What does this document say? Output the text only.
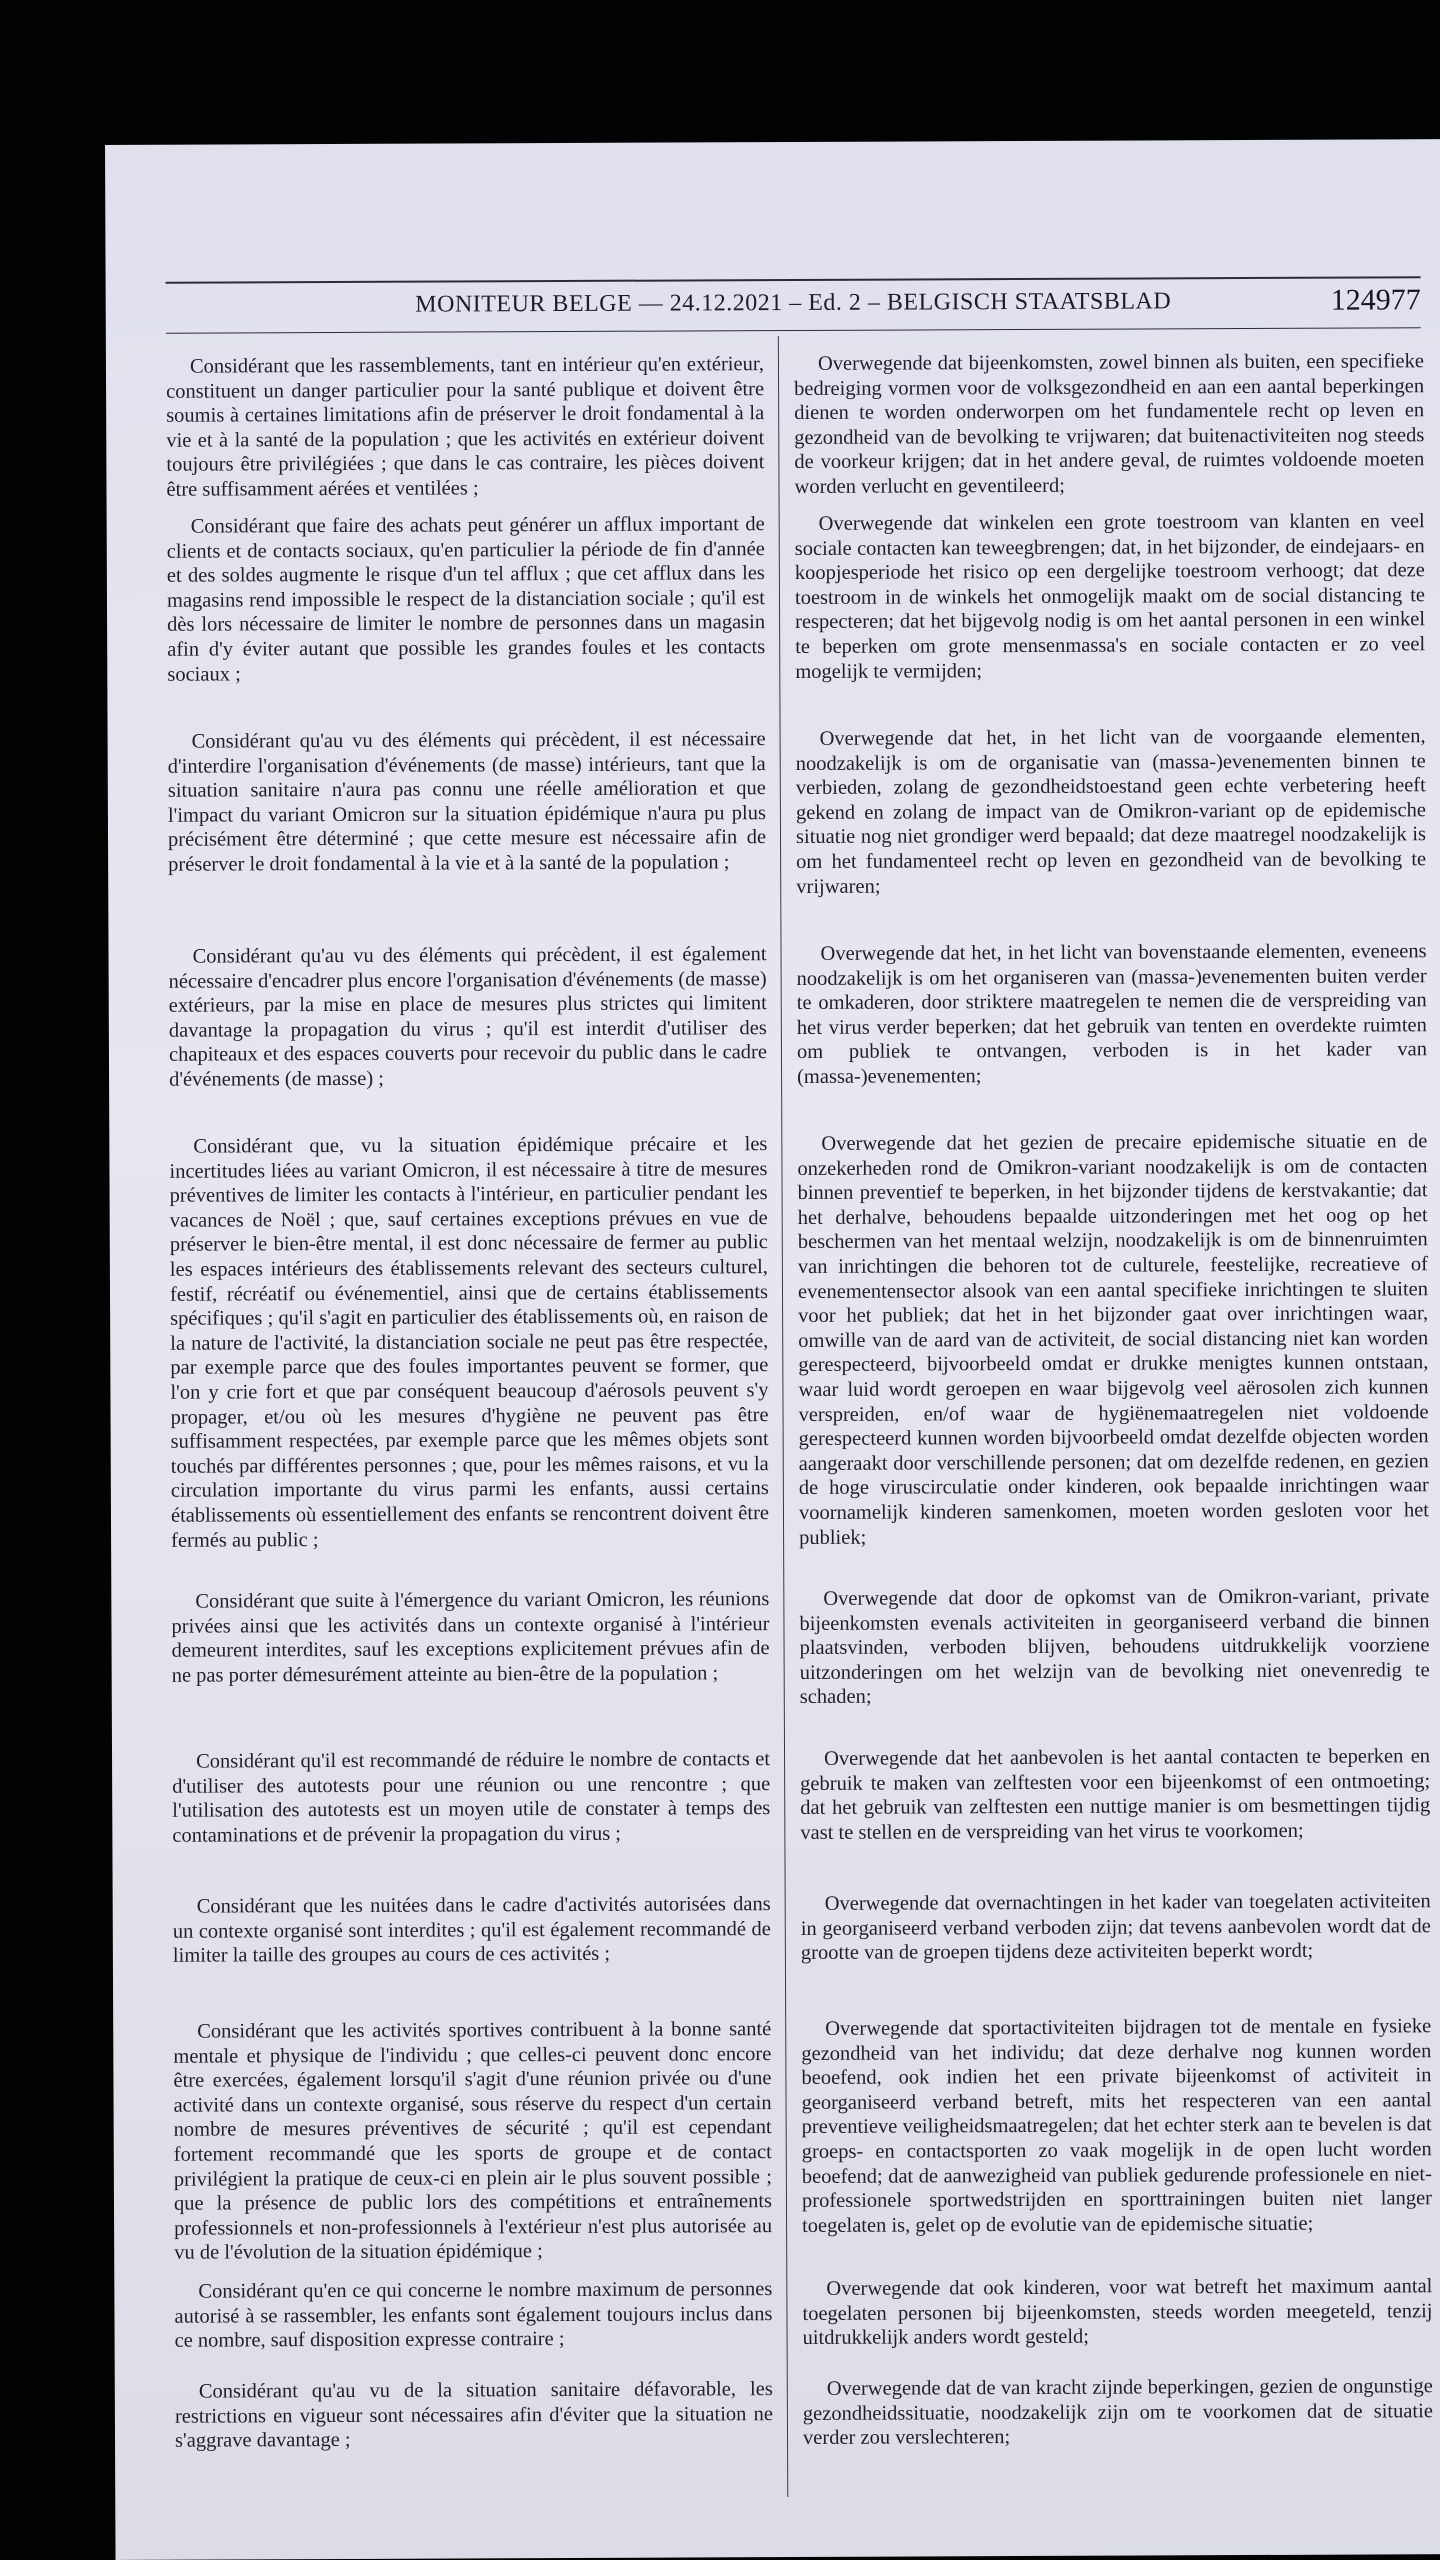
MONITEUR BELGE — 24.12.2021 – Ed. 2 – BELGISCH STAATSBLAD	124977

Considérant que les rassemblements, tant en intérieur qu'en extérieur, constituent un danger particulier pour la santé publique et doivent être soumis à certaines limitations afin de préserver le droit fondamental à la vie et à la santé de la population ; que les activités en extérieur doivent toujours être privilégiées ; que dans le cas contraire, les pièces doivent être suffisamment aérées et ventilées ;

Considérant que faire des achats peut générer un afflux important de clients et de contacts sociaux, qu'en particulier la période de fin d'année et des soldes augmente le risque d'un tel afflux ; que cet afflux dans les magasins rend impossible le respect de la distanciation sociale ; qu'il est dès lors nécessaire de limiter le nombre de personnes dans un magasin afin d'y éviter autant que possible les grandes foules et les contacts sociaux ;

Considérant qu'au vu des éléments qui précèdent, il est nécessaire d'interdire l'organisation d'événements (de masse) intérieurs, tant que la situation sanitaire n'aura pas connu une réelle amélioration et que l'impact du variant Omicron sur la situation épidémique n'aura pu plus précisément être déterminé ; que cette mesure est nécessaire afin de préserver le droit fondamental à la vie et à la santé de la population ;

Considérant qu'au vu des éléments qui précèdent, il est également nécessaire d'encadrer plus encore l'organisation d'événements (de masse) extérieurs, par la mise en place de mesures plus strictes qui limitent davantage la propagation du virus ; qu'il est interdit d'utiliser des chapiteaux et des espaces couverts pour recevoir du public dans le cadre d'événements (de masse) ;

Considérant que, vu la situation épidémique précaire et les incertitudes liées au variant Omicron, il est nécessaire à titre de mesures préventives de limiter les contacts à l'intérieur, en particulier pendant les vacances de Noël ; que, sauf certaines exceptions prévues en vue de préserver le bien-être mental, il est donc nécessaire de fermer au public les espaces intérieurs des établissements relevant des secteurs culturel, festif, récréatif ou événementiel, ainsi que de certains établissements spécifiques ; qu'il s'agit en particulier des établissements où, en raison de la nature de l'activité, la distanciation sociale ne peut pas être respectée, par exemple parce que des foules importantes peuvent se former, que l'on y crie fort et que par conséquent beaucoup d'aérosols peuvent s'y propager, et/ou où les mesures d'hygiène ne peuvent pas être suffisamment respectées, par exemple parce que les mêmes objets sont touchés par différentes personnes ; que, pour les mêmes raisons, et vu la circulation importante du virus parmi les enfants, aussi certains établissements où essentiellement des enfants se rencontrent doivent être fermés au public ;

Considérant que suite à l'émergence du variant Omicron, les réunions privées ainsi que les activités dans un contexte organisé à l'intérieur demeurent interdites, sauf les exceptions explicitement prévues afin de ne pas porter démesurément atteinte au bien-être de la population ;

Considérant qu'il est recommandé de réduire le nombre de contacts et d'utiliser des autotests pour une réunion ou une rencontre ; que l'utilisation des autotests est un moyen utile de constater à temps des contaminations et de prévenir la propagation du virus ;

Considérant que les nuitées dans le cadre d'activités autorisées dans un contexte organisé sont interdites ; qu'il est également recommandé de limiter la taille des groupes au cours de ces activités ;

Considérant que les activités sportives contribuent à la bonne santé mentale et physique de l'individu ; que celles-ci peuvent donc encore être exercées, également lorsqu'il s'agit d'une réunion privée ou d'une activité dans un contexte organisé, sous réserve du respect d'un certain nombre de mesures préventives de sécurité ; qu'il est cependant fortement recommandé que les sports de groupe et de contact privilégient la pratique de ceux-ci en plein air le plus souvent possible ; que la présence de public lors des compétitions et entraînements professionnels et non-professionnels à l'extérieur n'est plus autorisée au vu de l'évolution de la situation épidémique ;

Considérant qu'en ce qui concerne le nombre maximum de personnes autorisé à se rassembler, les enfants sont également toujours inclus dans ce nombre, sauf disposition expresse contraire ;

Considérant qu'au vu de la situation sanitaire défavorable, les restrictions en vigueur sont nécessaires afin d'éviter que la situation ne s'aggrave davantage ;

Overwegende dat bijeenkomsten, zowel binnen als buiten, een specifieke bedreiging vormen voor de volksgezondheid en aan een aantal beperkingen dienen te worden onderworpen om het fundamentele recht op leven en gezondheid van de bevolking te vrijwaren; dat buitenactiviteiten nog steeds de voorkeur krijgen; dat in het andere geval, de ruimtes voldoende moeten worden verlucht en geventileerd;

Overwegende dat winkelen een grote toestroom van klanten en veel sociale contacten kan teweegbrengen; dat, in het bijzonder, de eindejaars- en koopjesperiode het risico op een dergelijke toestroom verhoogt; dat deze toestroom in de winkels het onmogelijk maakt om de social distancing te respecteren; dat het bijgevolg nodig is om het aantal personen in een winkel te beperken om grote mensenmassa's en sociale contacten er zo veel mogelijk te vermijden;

Overwegende dat het, in het licht van de voorgaande elementen, noodzakelijk is om de organisatie van (massa-)evenementen binnen te verbieden, zolang de gezondheidstoestand geen echte verbetering heeft gekend en zolang de impact van de Omikron-variant op de epidemische situatie nog niet grondiger werd bepaald; dat deze maatregel noodzakelijk is om het fundamenteel recht op leven en gezondheid van de bevolking te vrijwaren;

Overwegende dat het, in het licht van bovenstaande elementen, eveneens noodzakelijk is om het organiseren van (massa-)evenementen buiten verder te omkaderen, door striktere maatregelen te nemen die de verspreiding van het virus verder beperken; dat het gebruik van tenten en overdekte ruimten om publiek te ontvangen, verboden is in het kader van (massa-)evenementen;

Overwegende dat het gezien de precaire epidemische situatie en de onzekerheden rond de Omikron-variant noodzakelijk is om de contacten binnen preventief te beperken, in het bijzonder tijdens de kerstvakantie; dat het derhalve, behoudens bepaalde uitzonderingen met het oog op het beschermen van het mentaal welzijn, noodzakelijk is om de binnenruimten van inrichtingen die behoren tot de culturele, feestelijke, recreatieve of evenementensector alsook van een aantal specifieke inrichtingen te sluiten voor het publiek; dat het in het bijzonder gaat over inrichtingen waar, omwille van de aard van de activiteit, de social distancing niet kan worden gerespecteerd, bijvoorbeeld omdat er drukke menigtes kunnen ontstaan, waar luid wordt geroepen en waar bijgevolg veel aërosolen zich kunnen verspreiden, en/of waar de hygiënemaatregelen niet voldoende gerespecteerd kunnen worden bijvoorbeeld omdat dezelfde objecten worden aangeraakt door verschillende personen; dat om dezelfde redenen, en gezien de hoge viruscirculatie onder kinderen, ook bepaalde inrichtingen waar voornamelijk kinderen samenkomen, moeten worden gesloten voor het publiek;

Overwegende dat door de opkomst van de Omikron-variant, private bijeenkomsten evenals activiteiten in georganiseerd verband die binnen plaatsvinden, verboden blijven, behoudens uitdrukkelijk voorziene uitzonderingen om het welzijn van de bevolking niet onevenredig te schaden;

Overwegende dat het aanbevolen is het aantal contacten te beperken en gebruik te maken van zelftesten voor een bijeenkomst of een ontmoeting; dat het gebruik van zelftesten een nuttige manier is om besmettingen tijdig vast te stellen en de verspreiding van het virus te voorkomen;

Overwegende dat overnachtingen in het kader van toegelaten activiteiten in georganiseerd verband verboden zijn; dat tevens aanbevolen wordt dat de grootte van de groepen tijdens deze activiteiten beperkt wordt;

Overwegende dat sportactiviteiten bijdragen tot de mentale en fysieke gezondheid van het individu; dat deze derhalve nog kunnen worden beoefend, ook indien het een private bijeenkomst of activiteit in georganiseerd verband betreft, mits het respecteren van een aantal preventieve veiligheidsmaatregelen; dat het echter sterk aan te bevelen is dat groeps- en contactsporten zo vaak mogelijk in de open lucht worden beoefend; dat de aanwezigheid van publiek gedurende professionele en niet-professionele sportwedstrijden en sporttrainingen buiten niet langer toegelaten is, gelet op de evolutie van de epidemische situatie;

Overwegende dat ook kinderen, voor wat betreft het maximum aantal toegelaten personen bij bijeenkomsten, steeds worden meegeteld, tenzij uitdrukkelijk anders wordt gesteld;

Overwegende dat de van kracht zijnde beperkingen, gezien de ongunstige gezondheidssituatie, noodzakelijk zijn om te voorkomen dat de situatie verder zou verslechteren;
